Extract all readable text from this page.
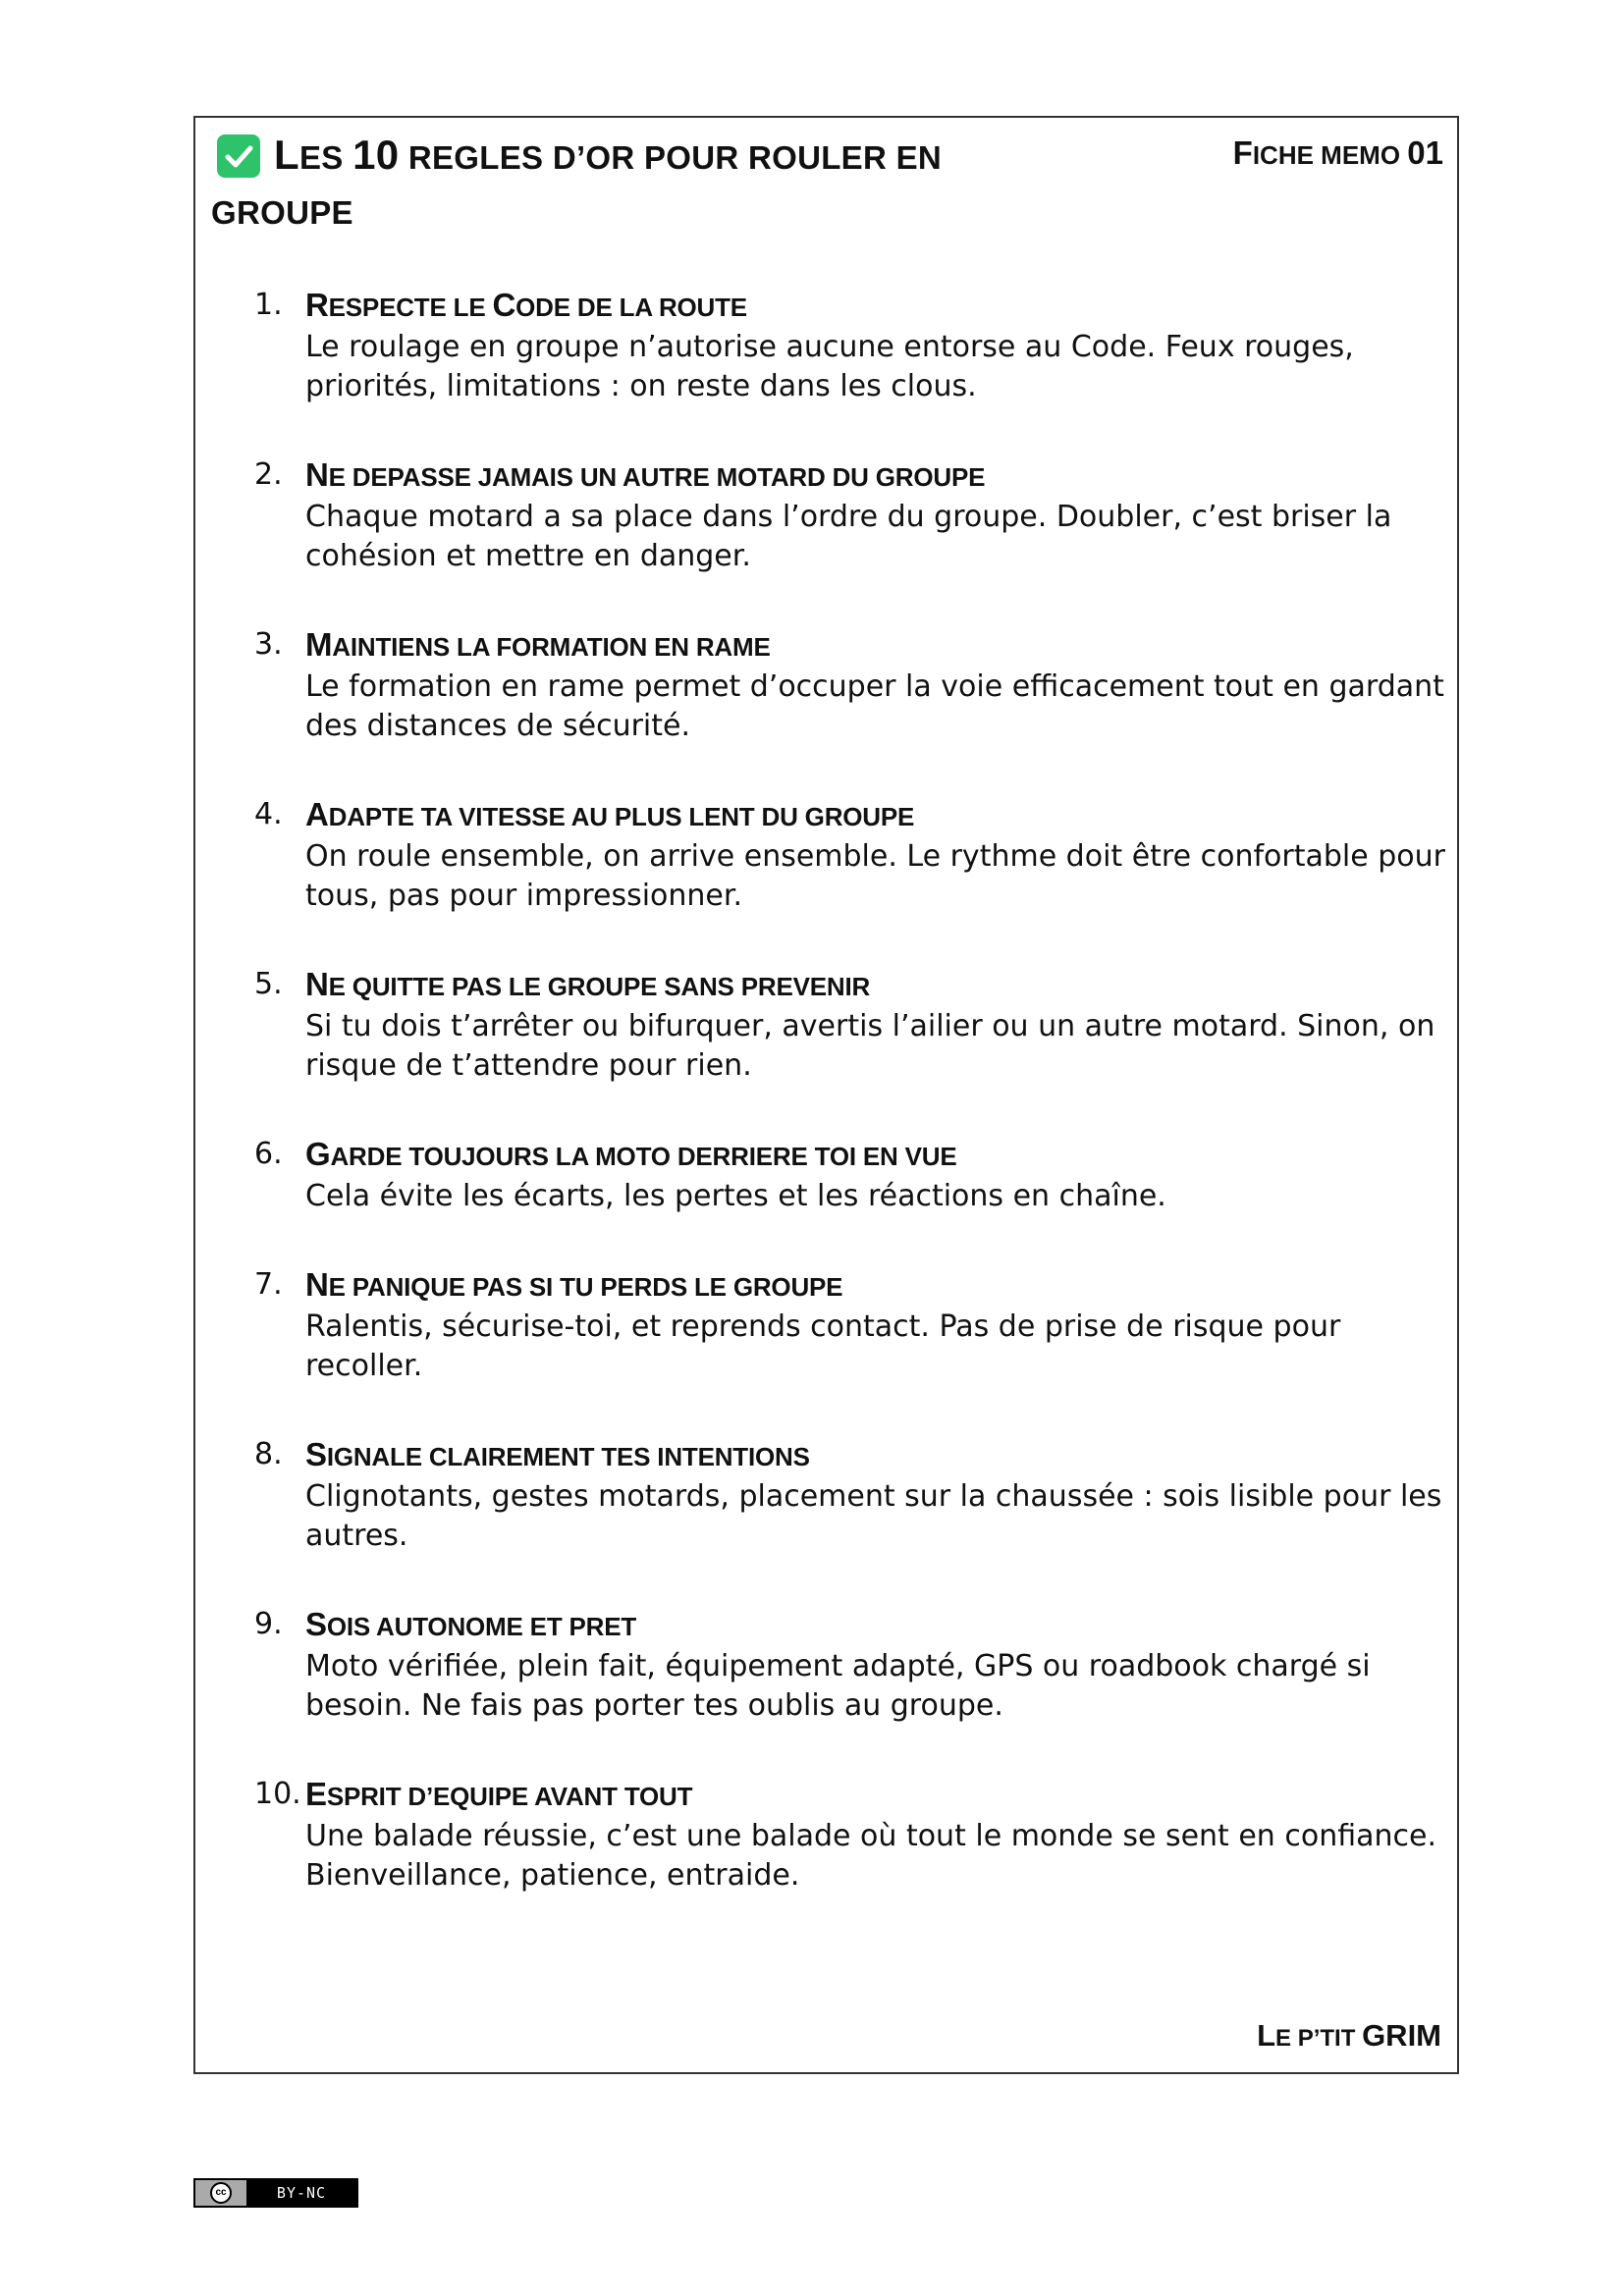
LES 10 REGLES D’OR POUR ROULER EN GROUPE
FICHE MEMO 01
1. RESPECTE LE CODE DE LA ROUTE
Le roulage en groupe n’autorise aucune entorse au Code. Feux rouges, priorités, limitations : on reste dans les clous.
2. NE DEPASSE JAMAIS UN AUTRE MOTARD DU GROUPE
Chaque motard a sa place dans l’ordre du groupe. Doubler, c’est briser la cohésion et mettre en danger.
3. MAINTIENS LA FORMATION EN RAME
Le formation en rame permet d’occuper la voie efficacement tout en gardant des distances de sécurité.
4. ADAPTE TA VITESSE AU PLUS LENT DU GROUPE
On roule ensemble, on arrive ensemble. Le rythme doit être confortable pour tous, pas pour impressionner.
5. NE QUITTE PAS LE GROUPE SANS PREVENIR
Si tu dois t’arrêter ou bifurquer, avertis l’ailier ou un autre motard. Sinon, on risque de t’attendre pour rien.
6. GARDE TOUJOURS LA MOTO DERRIERE TOI EN VUE
Cela évite les écarts, les pertes et les réactions en chaîne.
7. NE PANIQUE PAS SI TU PERDS LE GROUPE
Ralentis, sécurise-toi, et reprends contact. Pas de prise de risque pour recoller.
8. SIGNALE CLAIREMENT TES INTENTIONS
Clignotants, gestes motards, placement sur la chaussée : sois lisible pour les autres.
9. SOIS AUTONOME ET PRET
Moto vérifiée, plein fait, équipement adapté, GPS ou roadbook chargé si besoin. Ne fais pas porter tes oublis au groupe.
10. ESPRIT D’EQUIPE AVANT TOUT
Une balade réussie, c’est une balade où tout le monde se sent en confiance. Bienveillance, patience, entraide.
LE P’TIT GRIM
cc	BY-NC
